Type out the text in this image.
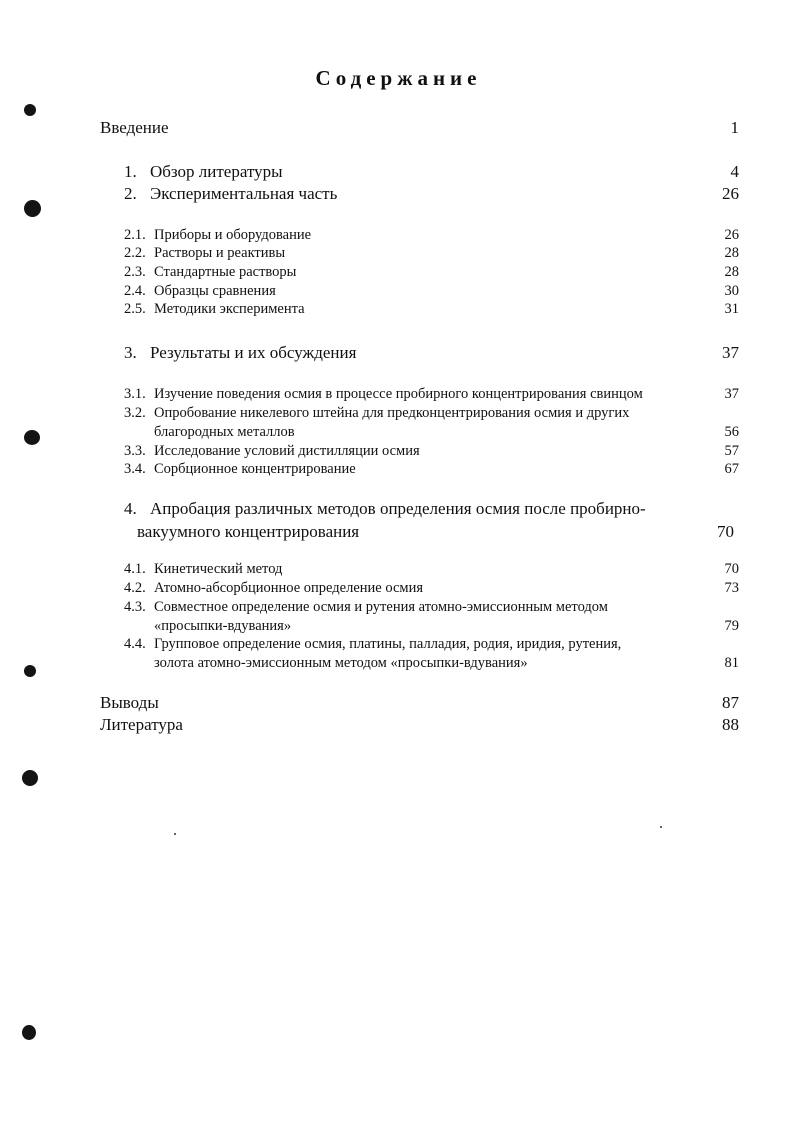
Содержание
Введение	1
1. Обзор литературы	4
2. Экспериментальная часть	26
2.1. Приборы и оборудование	26
2.2. Растворы и реактивы	28
2.3. Стандартные растворы	28
2.4. Образцы сравнения	30
2.5. Методики эксперимента	31
3. Результаты и их обсуждения	37
3.1. Изучение поведения осмия в процессе пробирного концентрирования свинцом	37
3.2. Опробование никелевого штейна для предконцентрирования осмия и других
благородных металлов	56
3.3. Исследование условий дистилляции осмия	57
3.4. Сорбционное концентрирование	67
4. Апробация различных методов определения осмия после пробирно-
вакуумного концентрирования	70
4.1. Кинетический метод	70
4.2. Атомно-абсорбционное определение осмия	73
4.3. Совместное определение осмия и рутения атомно-эмиссионным методом
«просыпки-вдувания»	79
4.4. Групповое определение осмия, платины, палладия, родия, иридия, рутения,
золота атомно-эмиссионным методом «просыпки-вдувания»	81
Выводы	87
Литература	88
